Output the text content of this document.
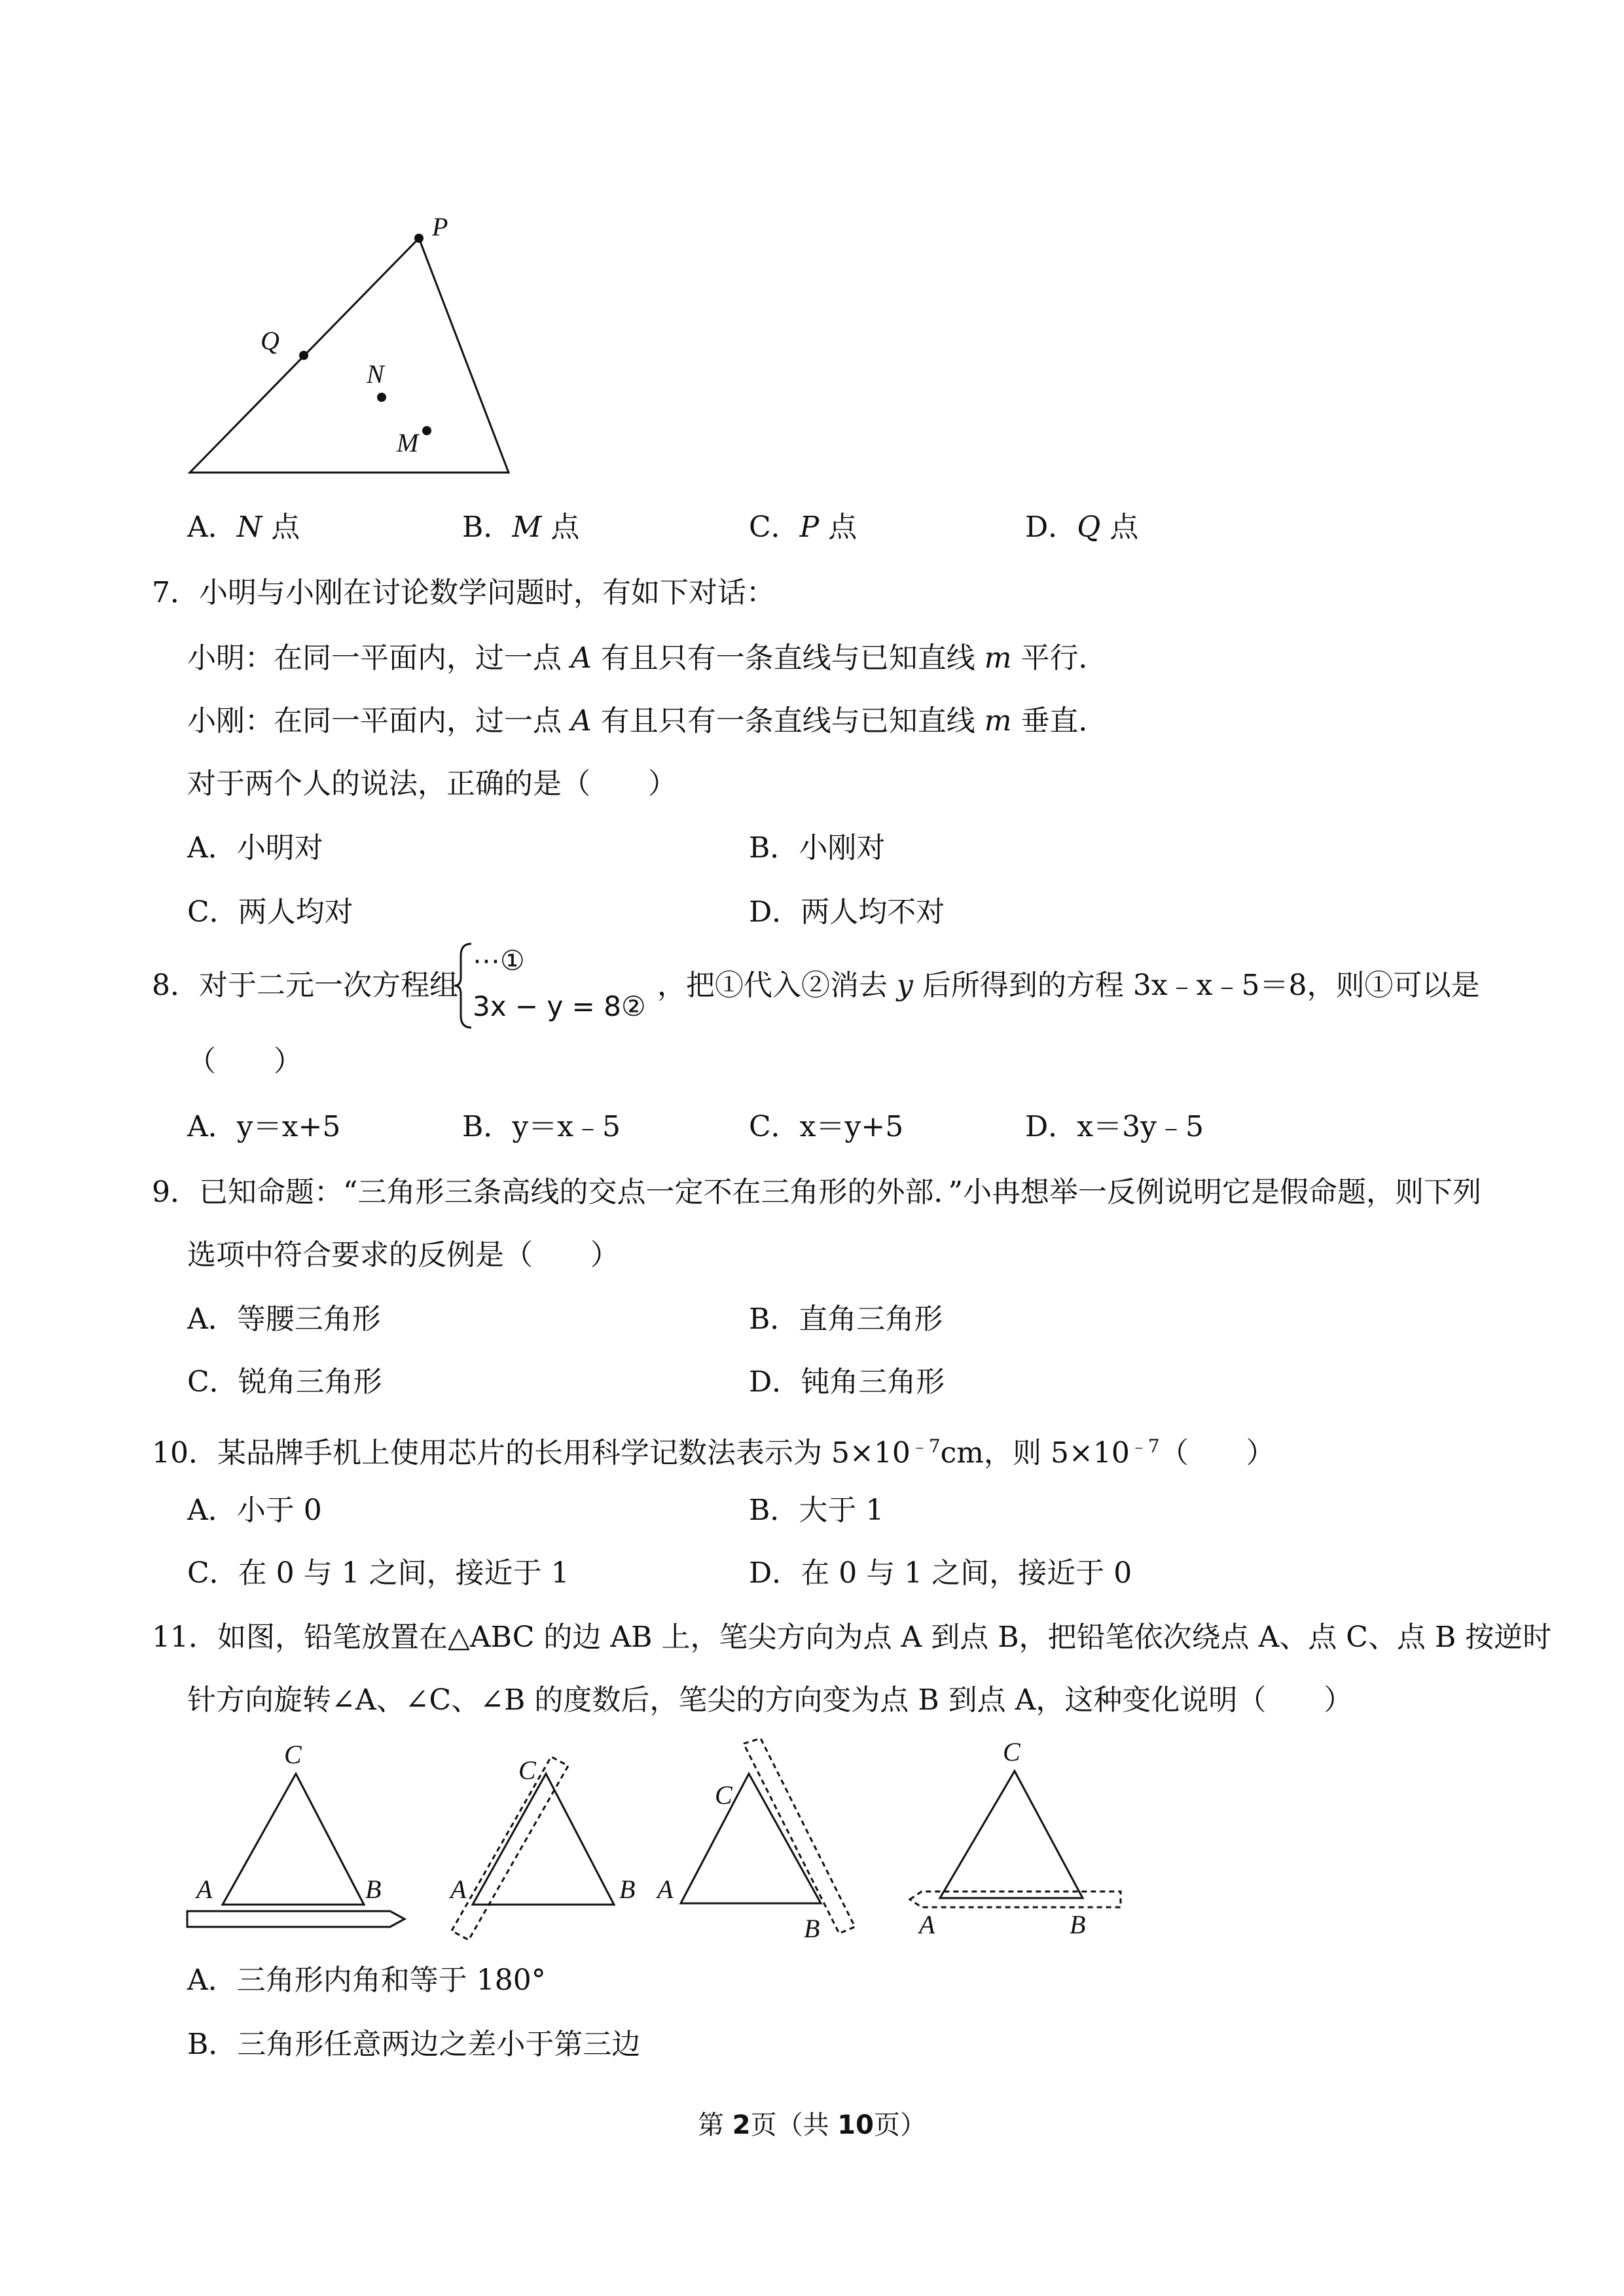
P
Q
N
M
A．N 点	B．M 点	C．P 点	D．Q 点
7．小明与小刚在讨论数学问题时，有如下对话：
小明：在同一平面内，过一点 A 有且只有一条直线与已知直线 m 平行．
小刚：在同一平面内，过一点 A 有且只有一条直线与已知直线 m 垂直．
对于两个人的说法，正确的是（　　）
A．小明对	B．小刚对
C．两人均对	D．两人均不对
8．对于二元一次方程组
⋯①
3x − y = 8②
，把①代入②消去 y 后所得到的方程 3x﹣x﹣5＝8，则①可以是
（　　）
A．y＝x+5	B．y＝x﹣5	C．x＝y+5	D．x＝3y﹣5
9．已知命题：“三角形三条高线的交点一定不在三角形的外部．”小冉想举一反例说明它是假命题，则下列
选项中符合要求的反例是（　　）
A．等腰三角形	B．直角三角形
C．锐角三角形	D．钝角三角形
10．某品牌手机上使用芯片的长用科学记数法表示为 $5\times 10^{﹣7}cm$，则 $5\times 10^{﹣7}$（　　）
A．小于 0	B．大于 1
C．在 0 与 1 之间，接近于 1	D．在 0 与 1 之间，接近于 0
11．如图，铅笔放置在△ABC 的边 AB 上，笔尖方向为点 A 到点 B，把铅笔依次绕点 A、点 C、点 B 按逆时
针方向旋转∠A、∠C、∠B 的度数后，笔尖的方向变为点 B 到点 A，这种变化说明（　　）
C
A	B
C
A	B
C
A
B
C
A	B
A．三角形内角和等于 180°
B．三角形任意两边之差小于第三边
第 2页（共 10页）
